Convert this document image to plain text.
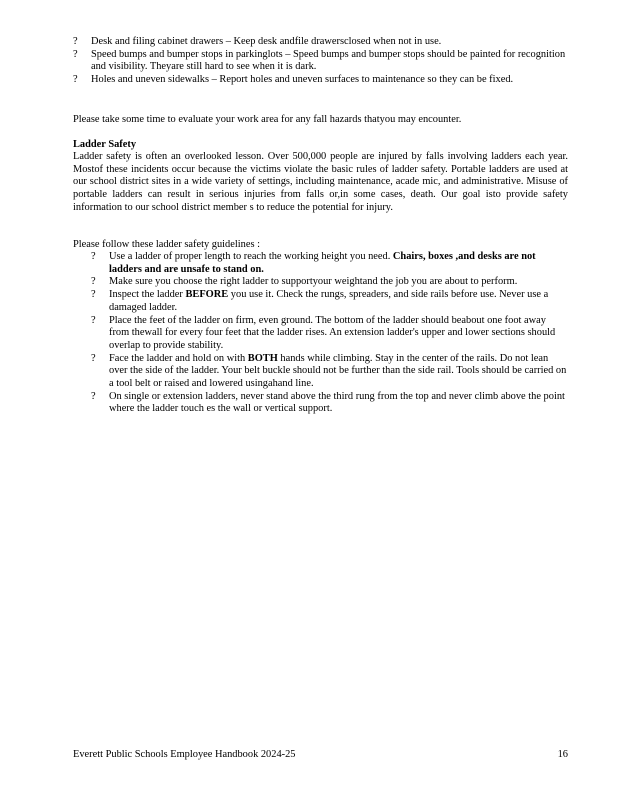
? Desk and filing cabinet drawers – Keep desk andfile drawersclosed when not in use.
? Speed bumps and bumper stops in parkinglots – Speed bumps and bumper stops should be painted for recognition and visibility. Theyare still hard to see when it is dark.
? Holes and uneven sidewalks – Report holes and uneven surfaces to maintenance so they can be fixed.

Please take some time to evaluate your work area for any fall hazards thatyou may encounter.

Ladder Safety

Ladder safety is often an overlooked lesson. Over 500,000 people are injured by falls involving ladders each year. Mostof these incidents occur because the victims violate the basic rules of ladder safety. Portable ladders are used at our school district sites in a wide variety of settings, including maintenance, acade mic, and administrative. Misuse of portable ladders can result in serious injuries from falls or,in some cases, death. Our goal isto provide safety information to our school district member s to reduce the potential for injury.

Please follow these ladder safety guidelines :

? Use a ladder of proper length to reach the working height you need. Chairs, boxes ,and desks are not ladders and are unsafe to stand on.
? Make sure you choose the right ladder to supportyour weightand the job you are about to perform.
? Inspect the ladder BEFORE you use it. Check the rungs, spreaders, and side rails before use. Never use a damaged ladder.
? Place the feet of the ladder on firm, even ground. The bottom of the ladder should beabout one foot away from thewall for every four feet that the ladder rises. An extension ladder's upper and lower sections should overlap to provide stability.
? Face the ladder and hold on with BOTH hands while climbing. Stay in the center of the rails. Do not lean over the side of the ladder. Your belt buckle should not be further than the side rail. Tools should be carried on a tool belt or raised and lowered usingahand line.
? On single or extension ladders, never stand above the third rung from the top and never climb above the point where the ladder touch es the wall or vertical support.
Everett Public Schools Employee Handbook 2024-25	16
